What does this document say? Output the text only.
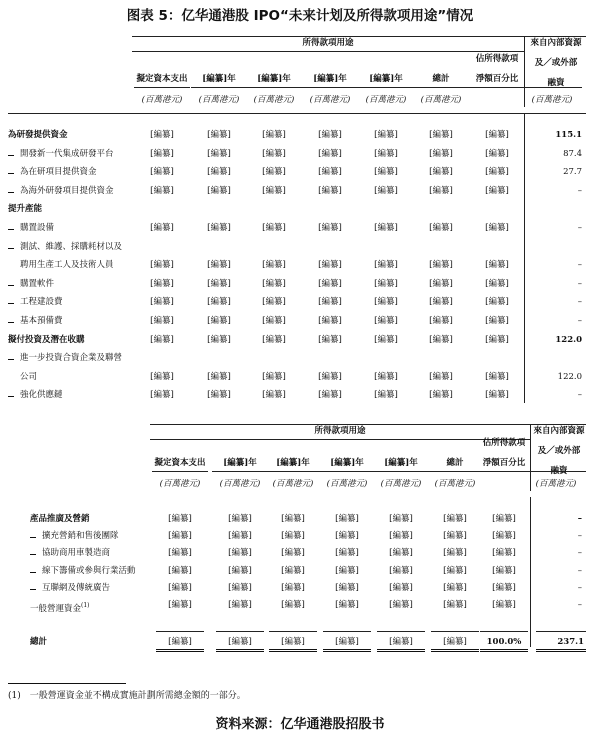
图表 5：亿华通港股 IPO“未来计划及所得款项用途”情况
所得款項用途	來自內部資源
及／或外部
融資
擬定資本支出	[編纂]年	[編纂]年	[編纂]年	[編纂]年	總計
佔所得款項
淨額百分比
(百萬港元)	(百萬港元)	(百萬港元)	(百萬港元)	(百萬港元)	(百萬港元)	(百萬港元)
為研發提供資金	[編纂]	[編纂]	[編纂]	[編纂]	[編纂]	[編纂]	[編纂]	115.1
開發新一代集成研發平台	[編纂]	[編纂]	[編纂]	[編纂]	[編纂]	[編纂]	[編纂]	87.4
為在研項目提供資金	[編纂]	[編纂]	[編纂]	[編纂]	[編纂]	[編纂]	[編纂]	27.7
為海外研發項目提供資金	[編纂]	[編纂]	[編纂]	[編纂]	[編纂]	[編纂]	[編纂]	–
提升產能
購置設備	[編纂]	[編纂]	[編纂]	[編纂]	[編纂]	[編纂]	[編纂]	–
測試、維護、採購耗材以及
聘用生產工人及技術人員	[編纂]	[編纂]	[編纂]	[編纂]	[編纂]	[編纂]	[編纂]	–
購置軟件	[編纂]	[編纂]	[編纂]	[編纂]	[編纂]	[編纂]	[編纂]	–
工程建設費	[編纂]	[編纂]	[編纂]	[編纂]	[編纂]	[編纂]	[編纂]	–
基本預備費	[編纂]	[編纂]	[編纂]	[編纂]	[編纂]	[編纂]	[編纂]	–
擬付投資及潛在收購	[編纂]	[編纂]	[編纂]	[編纂]	[編纂]	[編纂]	[編纂]	122.0
進一步投資合資企業及聯營
公司	[編纂]	[編纂]	[編纂]	[編纂]	[編纂]	[編纂]	[編纂]	122.0
強化供應鏈	[編纂]	[編纂]	[編纂]	[編纂]	[編纂]	[編纂]	[編纂]	–
所得款項用途	來自內部資源
及／或外部
融資
擬定資本支出	[編纂]年	[編纂]年	[編纂]年	[編纂]年	總計
佔所得款項
淨額百分比
(百萬港元)	(百萬港元)	(百萬港元)	(百萬港元)	(百萬港元)	(百萬港元)	(百萬港元)
產品推廣及營銷	[編纂]	[編纂]	[編纂]	[編纂]	[編纂]	[編纂]	[編纂]	–
擴充營銷和售後團隊	[編纂]	[編纂]	[編纂]	[編纂]	[編纂]	[編纂]	[編纂]	–
協助商用車製造商	[編纂]	[編纂]	[編纂]	[編纂]	[編纂]	[編纂]	[編纂]	–
線下籌備或參與行業活動	[編纂]	[編纂]	[編纂]	[編纂]	[編纂]	[編纂]	[編纂]	–
互聯網及傳統廣告	[編纂]	[編纂]	[編纂]	[編纂]	[編纂]	[編纂]	[編纂]	–
一般營運資金$^{(1)}$	[編纂]	[編纂]	[編纂]	[編纂]	[編纂]	[編纂]	[編纂]	–
總計	[編纂]	[編纂]	[編纂]	[編纂]	[編纂]	[編纂]	100.0%	237.1
(1)　一般營運資金並不構成實施計劃所需總金額的一部分。
资料来源：亿华通港股招股书
